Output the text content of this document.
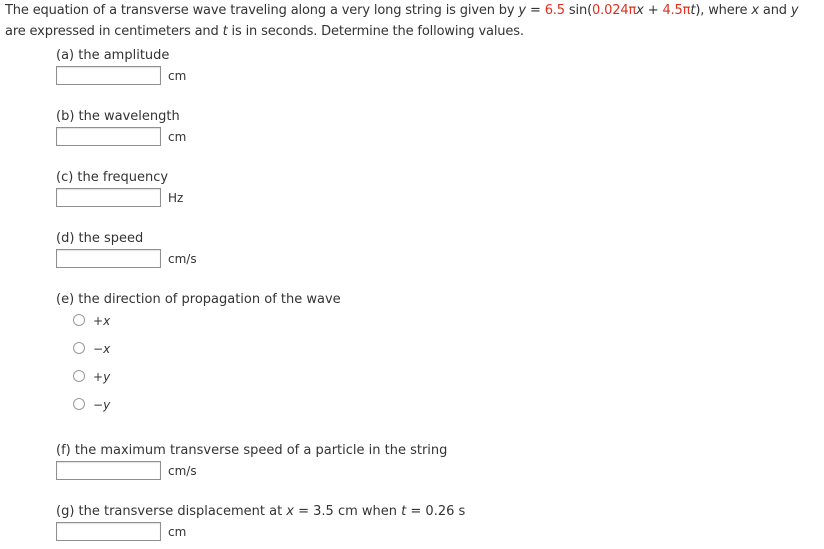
The equation of a transverse wave traveling along a very long string is given by y = 6.5 sin(0.024πx + 4.5πt), where x and y are expressed in centimeters and t is in seconds. Determine the following values.
(a) the amplitude
cm
(b) the wavelength
cm
(c) the frequency
Hz
(d) the speed
cm/s
(e) the direction of propagation of the wave
+x
−x
+y
−y
(f) the maximum transverse speed of a particle in the string
cm/s
(g) the transverse displacement at x = 3.5 cm when t = 0.26 s
cm
